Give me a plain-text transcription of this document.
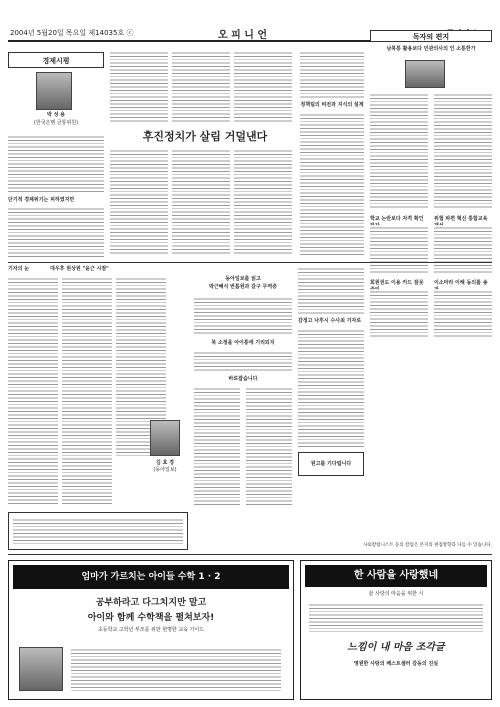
2004년 5월20일 목요일 제14035호 ⓒ	오 피 니 언
경제시평
박 성 용
(한국은행 금통위원)
단기적 경제위기는 피하였지만
후진정치가 살림 거덜낸다
정책팀의 비전과 지식의 설계
독자의 편지
남북통 활용보다 민관의사의 인 소통한가
학교 논란보다 자격 확인	위험 파편 혁신 통합교육
회원권도 이용 카드 잘못	이소마라 이해 동의를 송
기자의 눈	대우후 원상원 "윤근 시점"
김 효 경
(동아일보)
동아일보를 읽고
박근혜식 번틈원과 갈구 무역증
북 소정을 아이통에 기리되지
바로잡습니다
감정고 낙후시 수사최 기자로
원고를 기다립니다
사외칼럼니스트 등의 칼럼은 본지의 편집방향과 다를 수 있습니다.
엄마가 가르치는 아이들 수학 1 · 2
공부하라고 다그치지만 말고
아이와 함께 수학책을 펼쳐보자!
초등학교 고학년 부모를 위한 현명한 교육 가이드
한 사람을 사랑했네
끝 사랑의 마음을 위한 시
느낌이 내 마음 조각글
영원한 사랑의 베스트셀러 감동의 진실
